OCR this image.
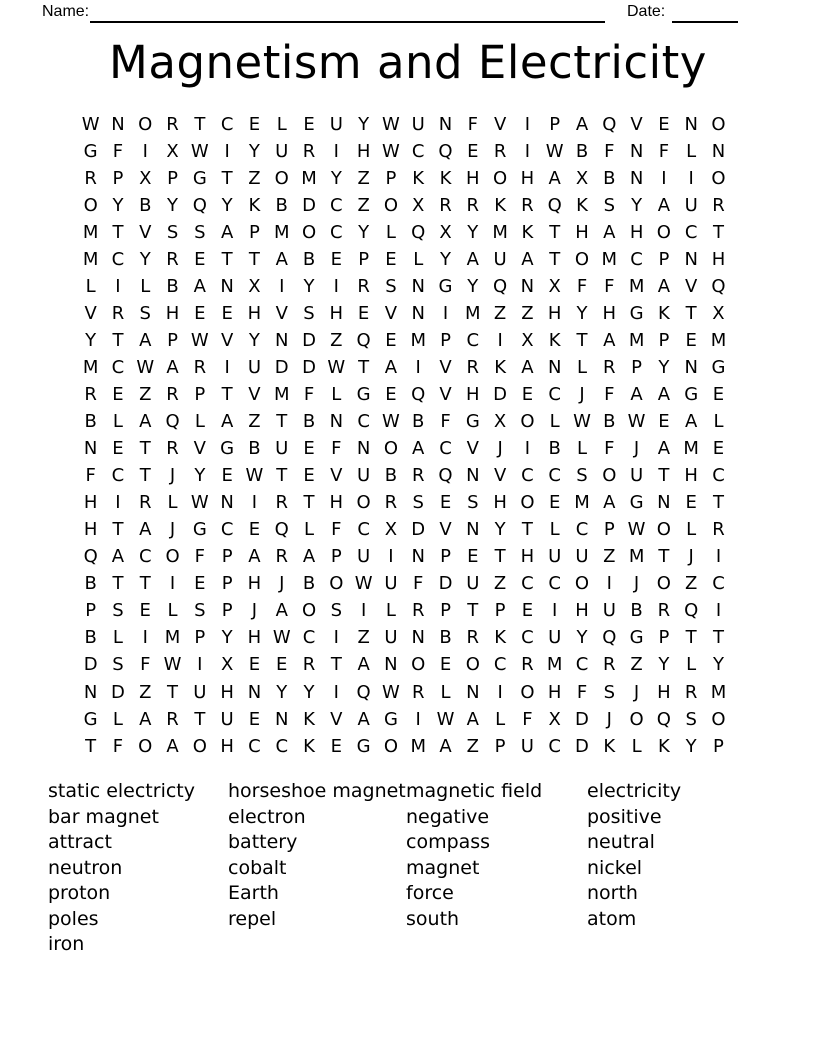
Name:	Date:
Magnetism and Electricity
W N O R T C E L E U Y W U N F V	I	P A Q V E N O
G F	I	X W I	Y U R	I H W C Q E R	I W B F N F L N
R P X P G T Z O M Y Z P K K H O H A X B N I	I O
O Y B Y Q Y K B D C Z O X R R K R Q K S Y A U R
M T V S S A P M O C Y L Q X Y M K T H A H O C T
M C Y R E T T A B E P E L Y A U A T O M C P N H
L	I	L B A N X	I	Y	I	R S N G Y Q N X F F M A V Q
V R S H E E H V S H E V N I M Z Z H Y H G K T X
Y T A P W V Y N D Z Q E M P C	I	X K T A M P E M
M C W A R	I	U D D W T A	I	V R K A N L R P Y N G
R E Z R P T V M F L G E Q V H D E C	J	F A A G E
B L A Q L A Z T B N C W B F G X O L W B W E A L
N E T R V G B U E F N O A C V	J	I	B L F	J	A M E
F C T	J	Y E W T E V U B R Q N V C C S O U T H C
H I	R L W N I	R T H O R S E S H O E M A G N E T
H T A	J G C E Q L F C X D V N Y T L C P W O L R
Q A C O F P A R A P U	I N P E T H U U Z M T	J	I
B T T	I	E P H J	B O W U F D U Z C C O I	J O Z C
P S E L S P	J	A O S	I	L R P T P E	I H U B R Q I
B L	I M P Y H W C	I	Z U N B R K C U Y Q G P T T
D S F W I	X E E R T A N O E O C R M C R Z Y L Y
N D Z T U H N Y Y	I Q W R L N I O H F S	J H R M
G L A R T U E N K V A G I W A L F X D J O Q S O
T F O A O H C C K E G O M A Z P U C D K L K Y P
static electricty
bar magnet
attract
neutron
proton
poles
iron
horseshoe magnet
electron
battery
cobalt
Earth
repel
magnetic field
negative
compass
magnet
force
south
electricity
positive
neutral
nickel
north
atom
